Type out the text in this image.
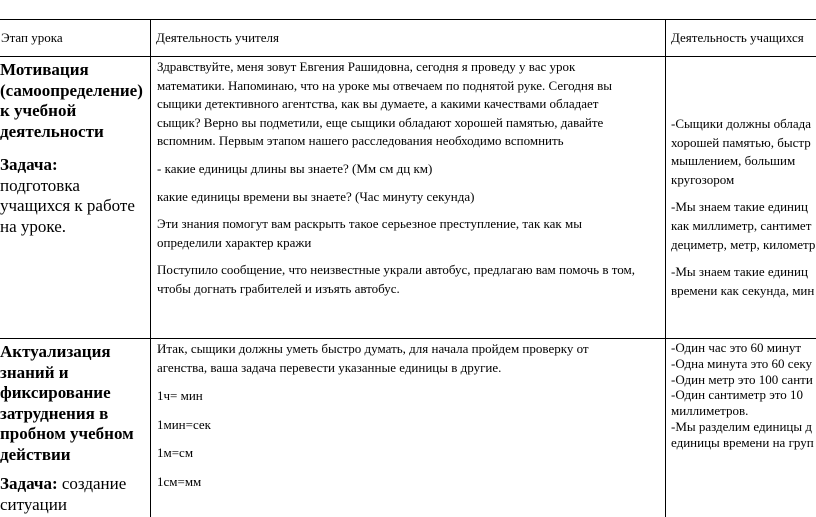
Этап урока	Деятельность учителя	Деятельность учащихся
Мотивация
(самоопределение)
к учебной
деятельности
Задача:
подготовка
учащихся к работе
на уроке.
Здравствуйте, меня зовут Евгения Рашидовна, сегодня я проведу у вас урок
математики. Напоминаю, что на уроке мы отвечаем по поднятой руке. Сегодня вы
сыщики детективного агентства, как вы думаете, а какими качествами обладает
сыщик? Верно вы подметили, еще сыщики обладают хорошей памятью, давайте
вспомним. Первым этапом нашего расследования необходимо вспомнить
- какие единицы длины вы знаете? (Мм см дц км)
какие единицы времени вы знаете? (Час минуту секунда)
Эти знания помогут вам раскрыть такое серьезное преступление, так как мы
определили характер кражи
Поступило сообщение, что неизвестные украли автобус, предлагаю вам помочь в том,
чтобы догнать грабителей и изъять автобус.
-Сыщики должны облада
хорошей памятью, быстр
мышлением, большим
кругозором
-Мы знаем такие единиц
как миллиметр, сантимет
дециметр, метр, километр
-Мы знаем такие единиц
времени как секунда, мин
Актуализация
знаний и
фиксирование
затруднения в
пробном учебном
действии
Задача: создание
ситуации
Итак, сыщики должны уметь быстро думать, для начала пройдем проверку от
агенства, ваша задача перевести указанные единицы в другие.
1ч= мин
1мин=сек
1м=см
1см=мм
-Один час это 60 минут
-Одна минута это 60 секу
-Один метр это 100 санти
-Один сантиметр это 10
миллиметров.
-Мы разделим единицы д
единицы времени на груп
